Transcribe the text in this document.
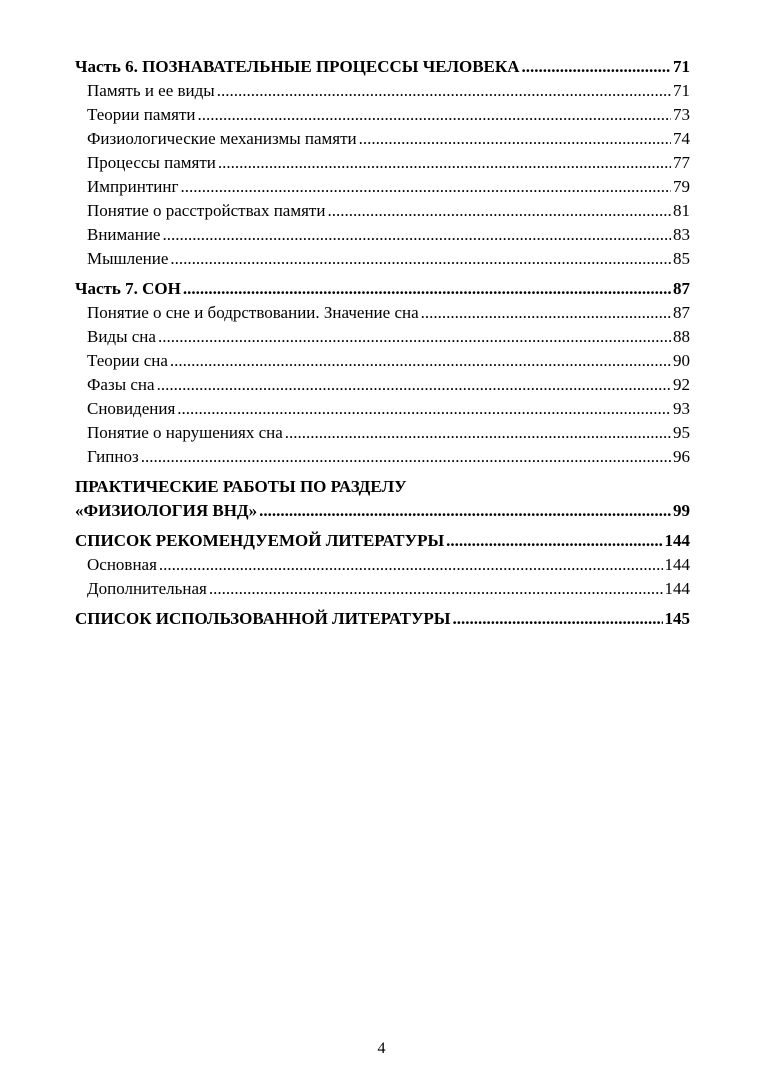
Часть 6. ПОЗНАВАТЕЛЬНЫЕ ПРОЦЕССЫ ЧЕЛОВЕКА .....	71
Память и ее виды .....	71
Теории памяти .....	73
Физиологические механизмы памяти .....	74
Процессы памяти .....	77
Импринтинг .....	79
Понятие о расстройствах памяти .....	81
Внимание .....	83
Мышление .....	85
Часть 7. СОН .....	87
Понятие о сне и бодрствовании. Значение сна .....	87
Виды сна .....	88
Теории сна .....	90
Фазы сна .....	92
Сновидения .....	93
Понятие о нарушениях сна .....	95
Гипноз .....	96
ПРАКТИЧЕСКИЕ РАБОТЫ ПО РАЗДЕЛУ
«ФИЗИОЛОГИЯ ВНД» .....	99
СПИСОК РЕКОМЕНДУЕМОЙ ЛИТЕРАТУРЫ .....	144
Основная .....	144
Дополнительная .....	144
СПИСОК ИСПОЛЬЗОВАННОЙ ЛИТЕРАТУРЫ .....	145
4
